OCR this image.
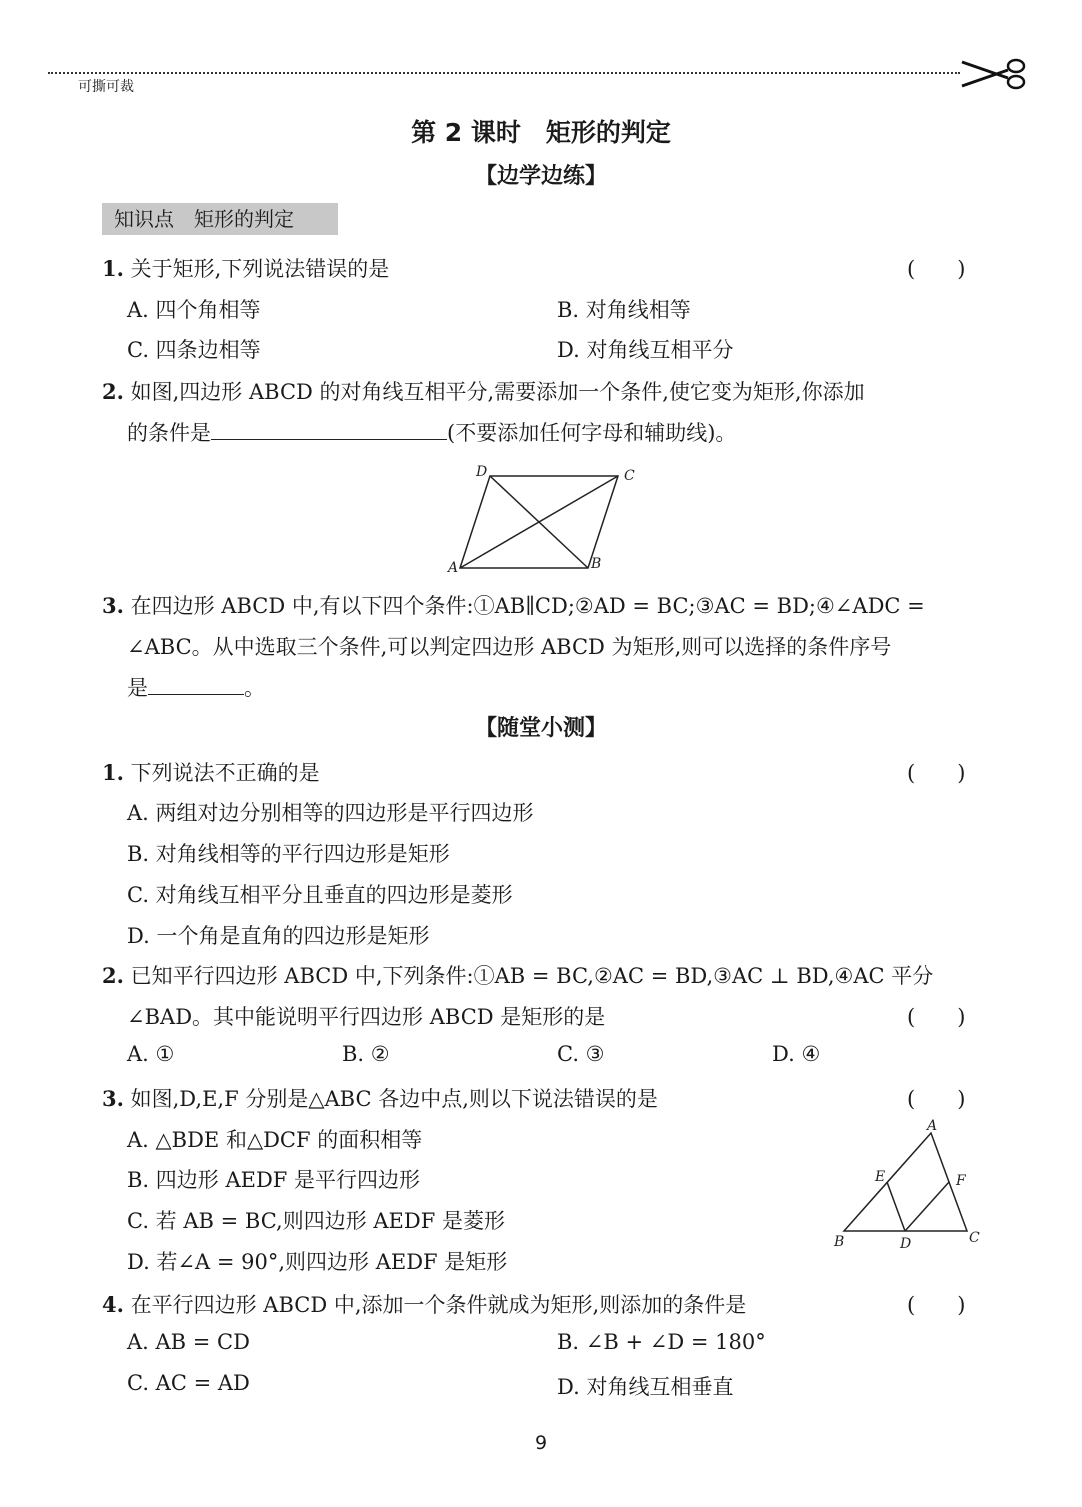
可撕可裁
第 2 课时　矩形的判定
【边学边练】
知识点　矩形的判定
1. 关于矩形,下列说法错误的是	(　　)
A. 四个角相等	B. 对角线相等
C. 四条边相等	D. 对角线互相平分
2. 如图,四边形 ABCD 的对角线互相平分,需要添加一个条件,使它变为矩形,你添加
的条件是	(不要添加任何字母和辅助线)。
A	B
C
D
3. 在四边形 ABCD 中,有以下四个条件:①AB∥CD;②AD = BC;③AC = BD;④∠ADC =
∠ABC。从中选取三个条件,可以判定四边形 ABCD 为矩形,则可以选择的条件序号
是	。
【随堂小测】
1. 下列说法不正确的是	(　　)
A. 两组对边分别相等的四边形是平行四边形
B. 对角线相等的平行四边形是矩形
C. 对角线互相平分且垂直的四边形是菱形
D. 一个角是直角的四边形是矩形
2. 已知平行四边形 ABCD 中,下列条件:①AB = BC,②AC = BD,③AC ⊥ BD,④AC 平分
∠BAD。其中能说明平行四边形 ABCD 是矩形的是	(　　)
A. ①	B. ②	C. ③	D. ④
3. 如图,D,E,F 分别是△ABC 各边中点,则以下说法错误的是	(　　)
A. △BDE 和△DCF 的面积相等
B. 四边形 AEDF 是平行四边形
C. 若 AB = BC,则四边形 AEDF 是菱形
D. 若∠A = 90°,则四边形 AEDF 是矩形
A
B	C
D
E	F
4. 在平行四边形 ABCD 中,添加一个条件就成为矩形,则添加的条件是	(　　)
A. AB = CD	B. ∠B + ∠D = 180°
C. AC = AD	D. 对角线互相垂直
9
